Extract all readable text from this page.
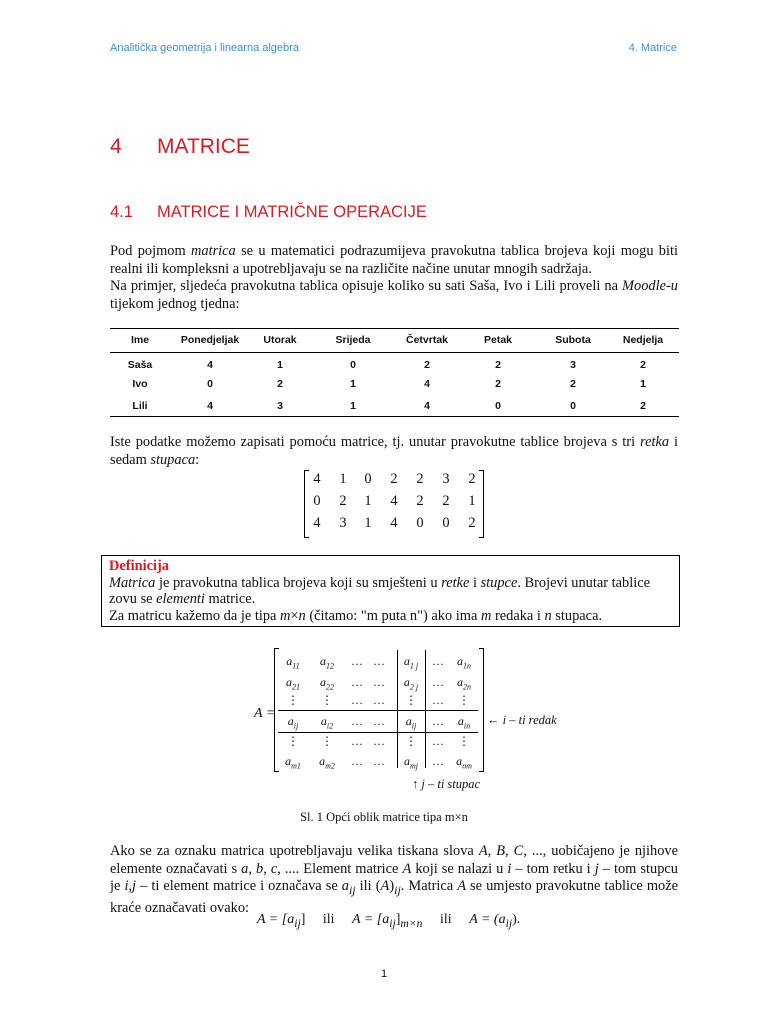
Analitička geometrija i linearna algebra	4. Matrice
4 MATRICE
4.1 MATRICE I MATRIČNE OPERACIJE

Pod pojmom matrica se u matematici podrazumijeva pravokutna tablica brojeva koji mogu biti realni ili kompleksni a upotrebljavaju se na različite načine unutar mnogih sadržaja.

Na primjer, sljedeća pravokutna tablica opisuje koliko su sati Saša, Ivo i Lili proveli na Moodle-u tijekom jednog tjedna:

Ime	Ponedjeljak	Utorak	Srijeda	Četvrtak	Petak	Subota	Nedjelja
Saša	4	1	0	2	2	3	2
Ivo	0	2	1	4	2	2	1
Lili	4	3	1	4	0	0	2

Iste podatke možemo zapisati pomoću matrice, tj. unutar pravokutne tablice brojeva s tri retka i sedam stupaca:

4	1	0	2	2	3	2
0	2	1	4	2	2	1
4	3	1	4	0	0	2
Definicija
Matrica je pravokutna tablica brojeva koji su smješteni u retke i stupce. Brojevi unutar tablice zovu se elementi matrice.
Za matricu kažemo da je tipa m×n (čitamo: "m puta n") ako ima m redaka i n stupaca.
A =
$a_{11}$	$a_{12}$	… …	$a_{1 j}$	…	$a_{1n}$
$a_{21}$	$a_{22}$	… …	$a_{2 j}$	…	$a_{2n}$
⋮	⋮	… …	⋮	…	⋮
$a_{ij}$	$a_{i2}$	… …	$a_{ij}$	…	$a_{in}$
⋮	⋮	… …	⋮	…	⋮
$a_{m1}$	$a_{m2}$	… …	$a_{mj}$	…	$a_{nm}$
← i – ti redak
↑ j – ti stupac
Sl. 1 Opći oblik matrice tipa m×n

Ako se za oznaku matrica upotrebljavaju velika tiskana slova A, B, C, ..., uobičajeno je njihove elemente označavati s a, b, c, .... Element matrice A koji se nalazi u i – tom retku i j – tom stupcu je i,j – ti element matrice i označava se $a_{ij}$ ili $(A)_{ij}$. Matrica A se umjesto pravokutne tablice može kraće označavati ovako:

$A = [a_{ij}]$ ili $A = [a_{ij}]_{m\times n}$ ili $A = (a_{ij})$.
1
